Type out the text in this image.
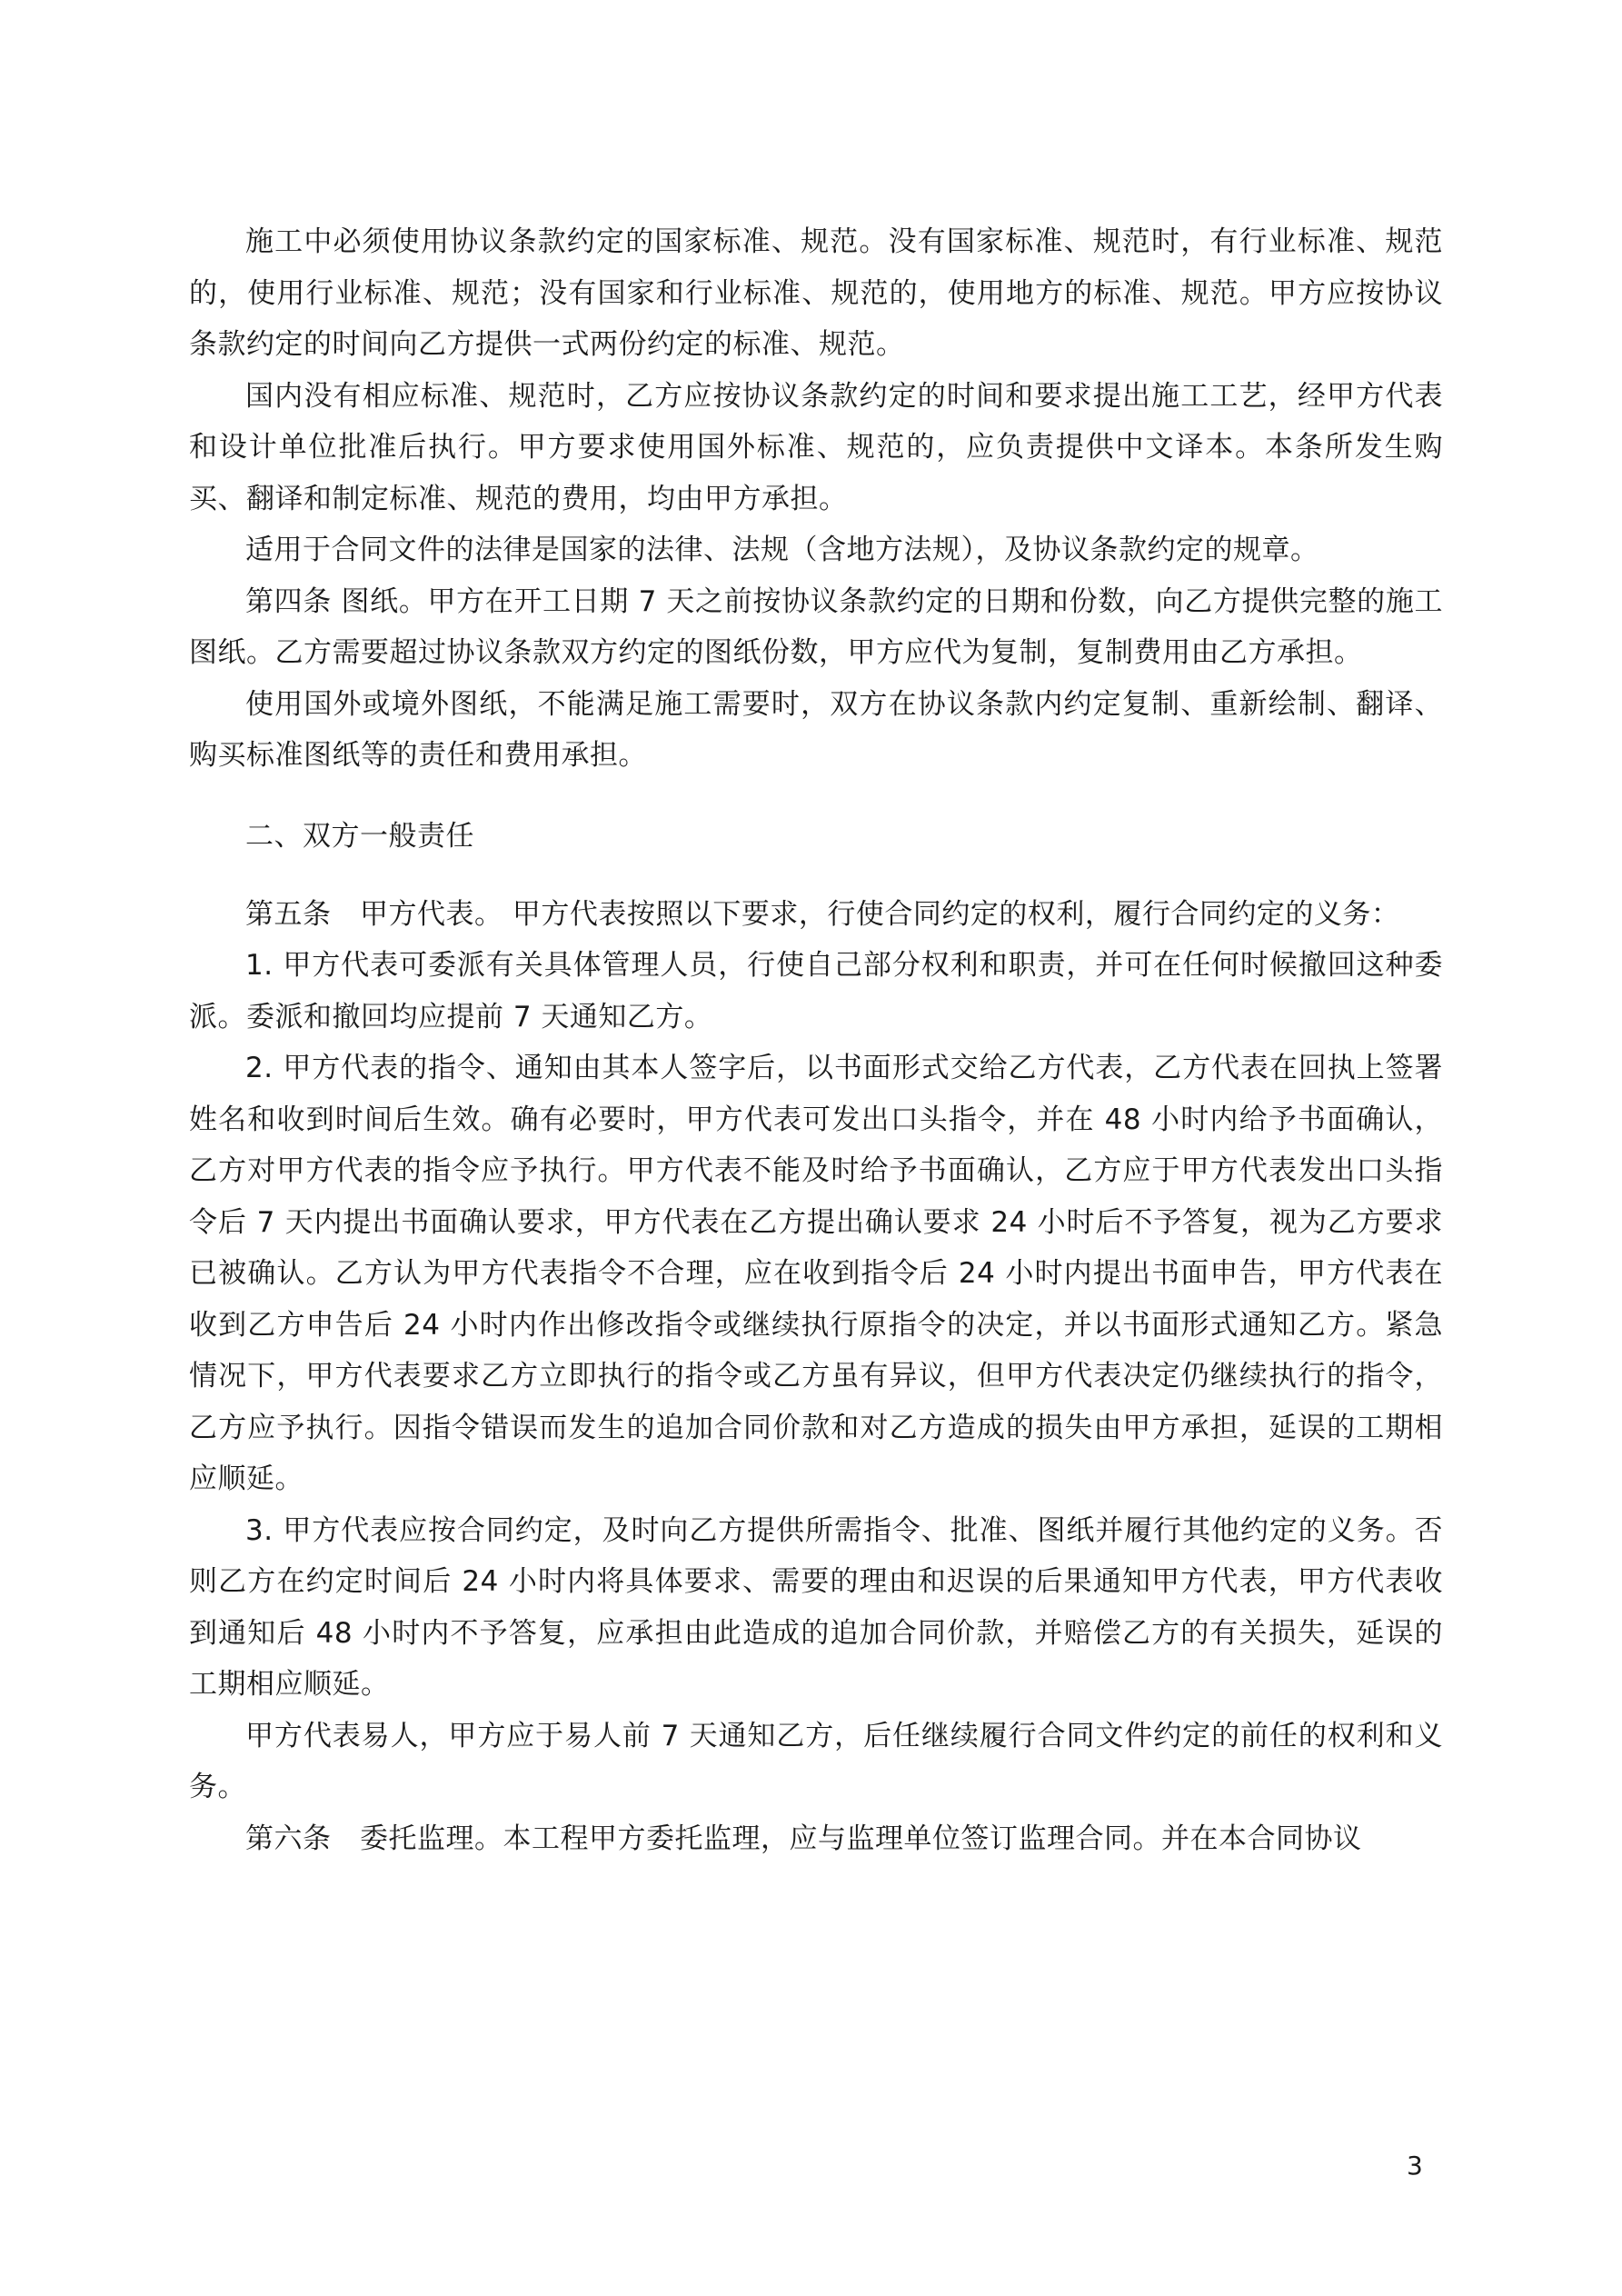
施工中必须使用协议条款约定的国家标准、规范。没有国家标准、规范时，有行业标准、规范的，使用行业标准、规范；没有国家和行业标准、规范的，使用地方的标准、规范。甲方应按协议条款约定的时间向乙方提供一式两份约定的标准、规范。

国内没有相应标准、规范时，乙方应按协议条款约定的时间和要求提出施工工艺，经甲方代表和设计单位批准后执行。甲方要求使用国外标准、规范的，应负责提供中文译本。本条所发生购买、翻译和制定标准、规范的费用，均由甲方承担。

适用于合同文件的法律是国家的法律、法规（含地方法规），及协议条款约定的规章。

第四条 图纸。甲方在开工日期 7 天之前按协议条款约定的日期和份数，向乙方提供完整的施工图纸。乙方需要超过协议条款双方约定的图纸份数，甲方应代为复制，复制费用由乙方承担。

使用国外或境外图纸，不能满足施工需要时，双方在协议条款内约定复制、重新绘制、翻译、购买标准图纸等的责任和费用承担。

二、双方一般责任

第五条　甲方代表。 甲方代表按照以下要求，行使合同约定的权利，履行合同约定的义务：

1. 甲方代表可委派有关具体管理人员，行使自己部分权利和职责，并可在任何时候撤回这种委派。委派和撤回均应提前 7 天通知乙方。

2. 甲方代表的指令、通知由其本人签字后，以书面形式交给乙方代表，乙方代表在回执上签署姓名和收到时间后生效。确有必要时，甲方代表可发出口头指令，并在 48 小时内给予书面确认，乙方对甲方代表的指令应予执行。甲方代表不能及时给予书面确认，乙方应于甲方代表发出口头指令后 7 天内提出书面确认要求，甲方代表在乙方提出确认要求 24 小时后不予答复，视为乙方要求已被确认。乙方认为甲方代表指令不合理，应在收到指令后 24 小时内提出书面申告，甲方代表在收到乙方申告后 24 小时内作出修改指令或继续执行原指令的决定，并以书面形式通知乙方。紧急情况下，甲方代表要求乙方立即执行的指令或乙方虽有异议，但甲方代表决定仍继续执行的指令，乙方应予执行。因指令错误而发生的追加合同价款和对乙方造成的损失由甲方承担，延误的工期相应顺延。

3. 甲方代表应按合同约定，及时向乙方提供所需指令、批准、图纸并履行其他约定的义务。否则乙方在约定时间后 24 小时内将具体要求、需要的理由和迟误的后果通知甲方代表，甲方代表收到通知后 48 小时内不予答复，应承担由此造成的追加合同价款，并赔偿乙方的有关损失，延误的工期相应顺延。

甲方代表易人，甲方应于易人前 7 天通知乙方，后任继续履行合同文件约定的前任的权利和义务。

第六条　委托监理。本工程甲方委托监理，应与监理单位签订监理合同。并在本合同协议

3
